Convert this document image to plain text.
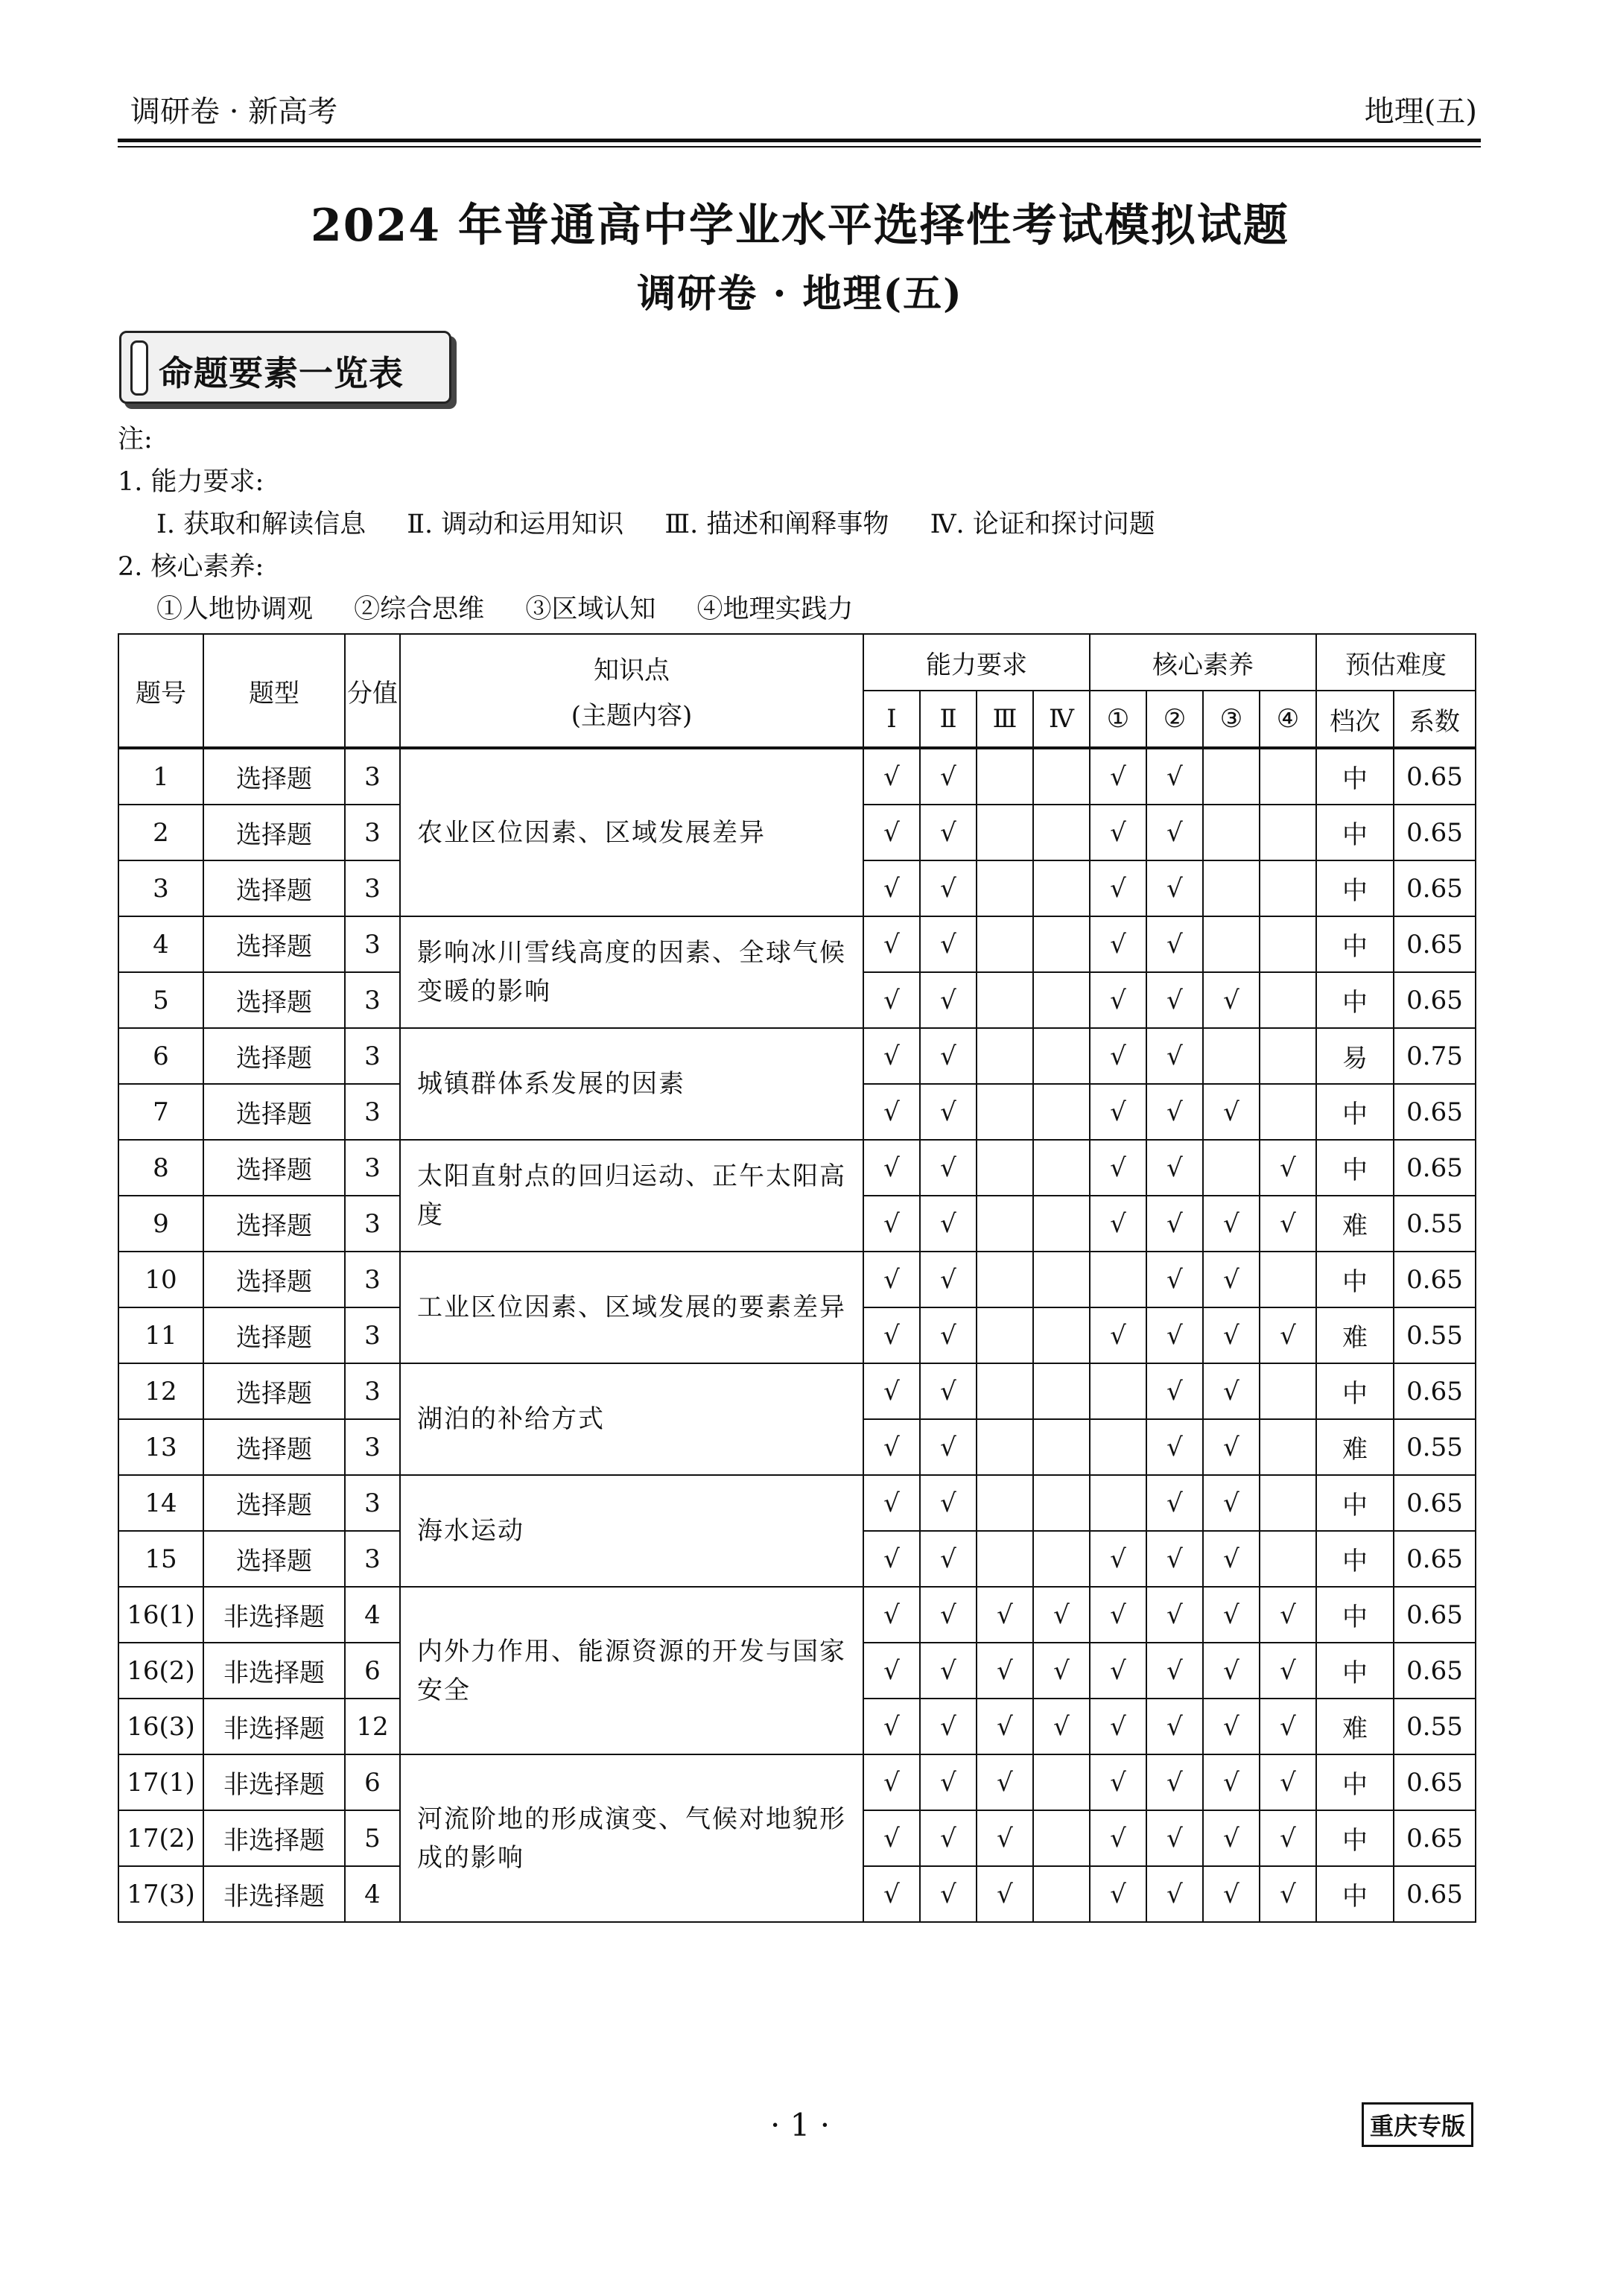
调研卷 · 新高考	地理(五)
2024 年普通高中学业水平选择性考试模拟试题
调研卷 · 地理(五)
命题要素一览表
注:
1. 能力要求:
Ⅰ. 获取和解读信息 Ⅱ. 调动和运用知识 Ⅲ. 描述和阐释事物 Ⅳ. 论证和探讨问题
2. 核心素养:
①人地协调观 ②综合思维 ③区域认知 ④地理实践力
题号	题型	分值	知识点
(主题内容)	能力要求				核心素养				预估难度	
				Ⅰ	Ⅱ	Ⅲ	Ⅳ	①	②	③	④	档次	系数
1	选择题	3	农业区位因素、区域发展差异	√	√			√	√			中	0.65
2	选择题	3		√	√			√	√			中	0.65
3	选择题	3		√	√			√	√			中	0.65
4	选择题	3	影响冰川雪线高度的因素、全球气候变暖的影响	√	√			√	√			中	0.65
5	选择题	3		√	√			√	√	√		中	0.65
6	选择题	3	城镇群体系发展的因素	√	√			√	√			易	0.75
7	选择题	3		√	√			√	√	√		中	0.65
8	选择题	3	太阳直射点的回归运动、正午太阳高度	√	√			√	√		√	中	0.65
9	选择题	3		√	√			√	√	√	√	难	0.55
10	选择题	3	工业区位因素、区域发展的要素差异	√	√				√	√		中	0.65
11	选择题	3		√	√			√	√	√	√	难	0.55
12	选择题	3	湖泊的补给方式	√	√				√	√		中	0.65
13	选择题	3		√	√				√	√		难	0.55
14	选择题	3	海水运动	√	√				√	√		中	0.65
15	选择题	3		√	√			√	√	√		中	0.65
16(1)	非选择题	4	内外力作用、能源资源的开发与国家安全	√	√	√	√	√	√	√	√	中	0.65
16(2)	非选择题	6		√	√	√	√	√	√	√	√	中	0.65
16(3)	非选择题	12		√	√	√	√	√	√	√	√	难	0.55
17(1)	非选择题	6	河流阶地的形成演变、气候对地貌形成的影响	√	√	√		√	√	√	√	中	0.65
17(2)	非选择题	5		√	√	√		√	√	√	√	中	0.65
17(3)	非选择题	4		√	√	√		√	√	√	√	中	0.65
· 1 ·	重庆专版
